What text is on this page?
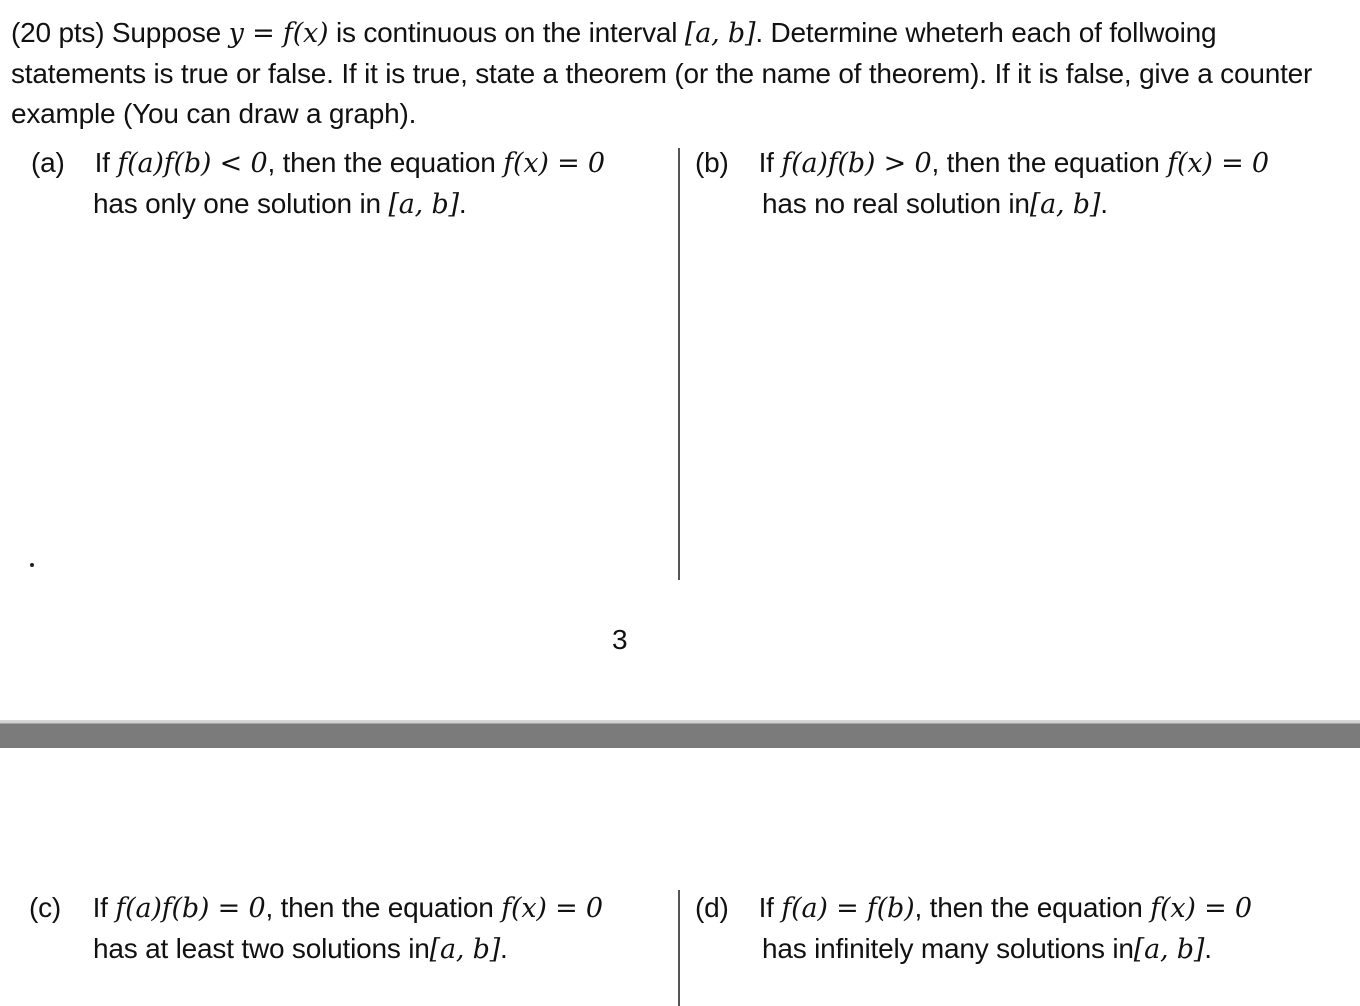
(20 pts) Suppose y = f(x) is continuous on the interval [a, b]. Determine wheterh each of follwoing statements is true or false. If it is true, state a theorem (or the name of theorem). If it is false, give a counter example (You can draw a graph).
(a) If f(a)f(b) < 0, then the equation f(x) = 0
has only one solution in [a, b].
(b) If f(a)f(b) > 0, then the equation f(x) = 0
has no real solution in[a, b].
3
(c) If f(a)f(b) = 0, then the equation f(x) = 0
has at least two solutions in[a, b].
(d) If f(a) = f(b), then the equation f(x) = 0
has infinitely many solutions in[a, b].
